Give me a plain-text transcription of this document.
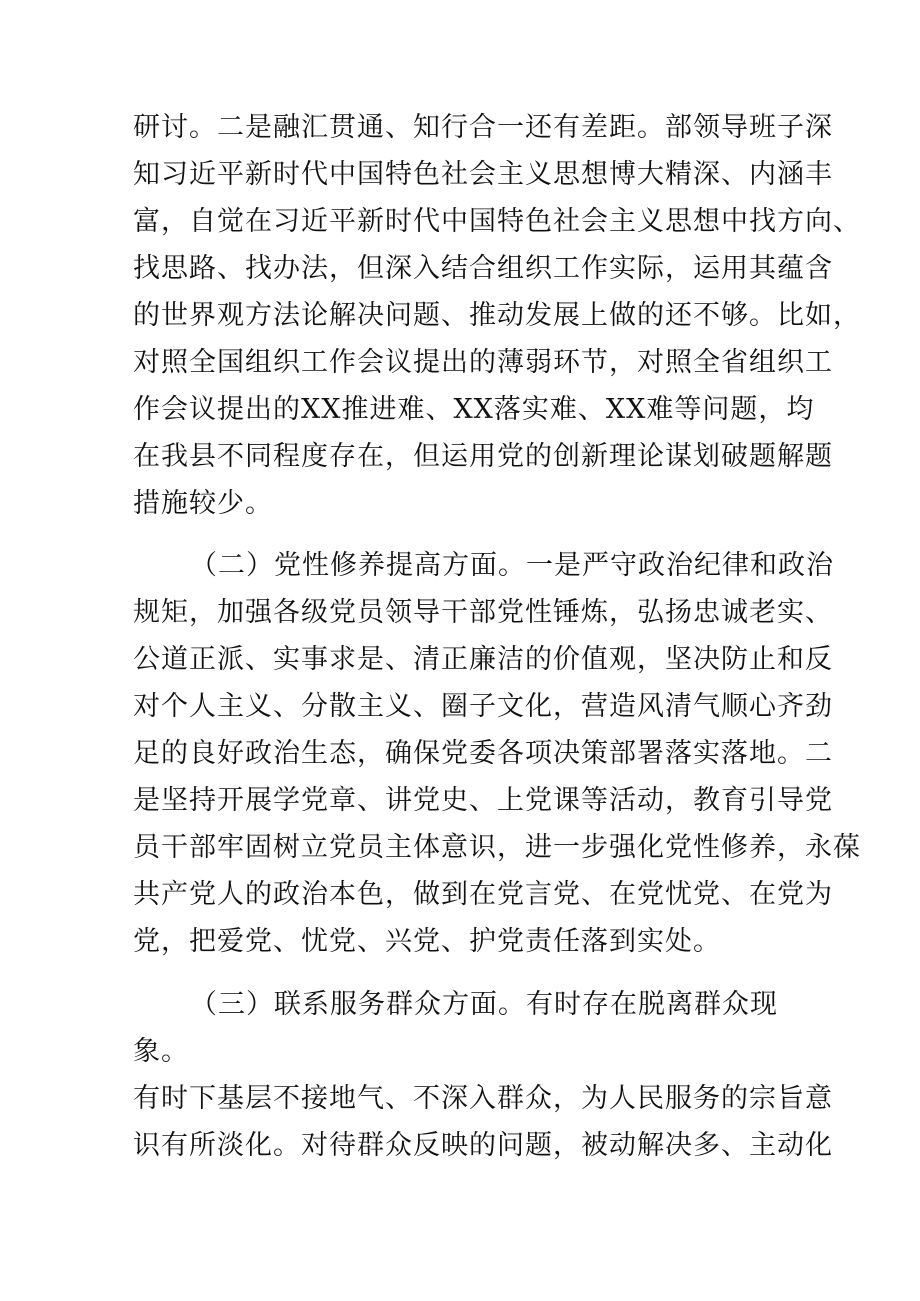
研讨。二是融汇贯通、知行合一还有差距。部领导班子深
知习近平新时代中国特色社会主义思想博大精深、内涵丰
富，自觉在习近平新时代中国特色社会主义思想中找方向、
找思路、找办法，但深入结合组织工作实际，运用其蕴含
的世界观方法论解决问题、推动发展上做的还不够。比如，
对照全国组织工作会议提出的薄弱环节，对照全省组织工
作会议提出的XX推进难、XX落实难、XX难等问题，均
在我县不同程度存在，但运用党的创新理论谋划破题解题
措施较少。
（二）党性修养提高方面。一是严守政治纪律和政治
规矩，加强各级党员领导干部党性锤炼，弘扬忠诚老实、
公道正派、实事求是、清正廉洁的价值观，坚决防止和反
对个人主义、分散主义、圈子文化，营造风清气顺心齐劲
足的良好政治生态，确保党委各项决策部署落实落地。二
是坚持开展学党章、讲党史、上党课等活动，教育引导党
员干部牢固树立党员主体意识，进一步强化党性修养，永葆
共产党人的政治本色，做到在党言党、在党忧党、在党为
党，把爱党、忧党、兴党、护党责任落到实处。
（三）联系服务群众方面。有时存在脱离群众现
象。
有时下基层不接地气、不深入群众，为人民服务的宗旨意
识有所淡化。对待群众反映的问题，被动解决多、主动化
